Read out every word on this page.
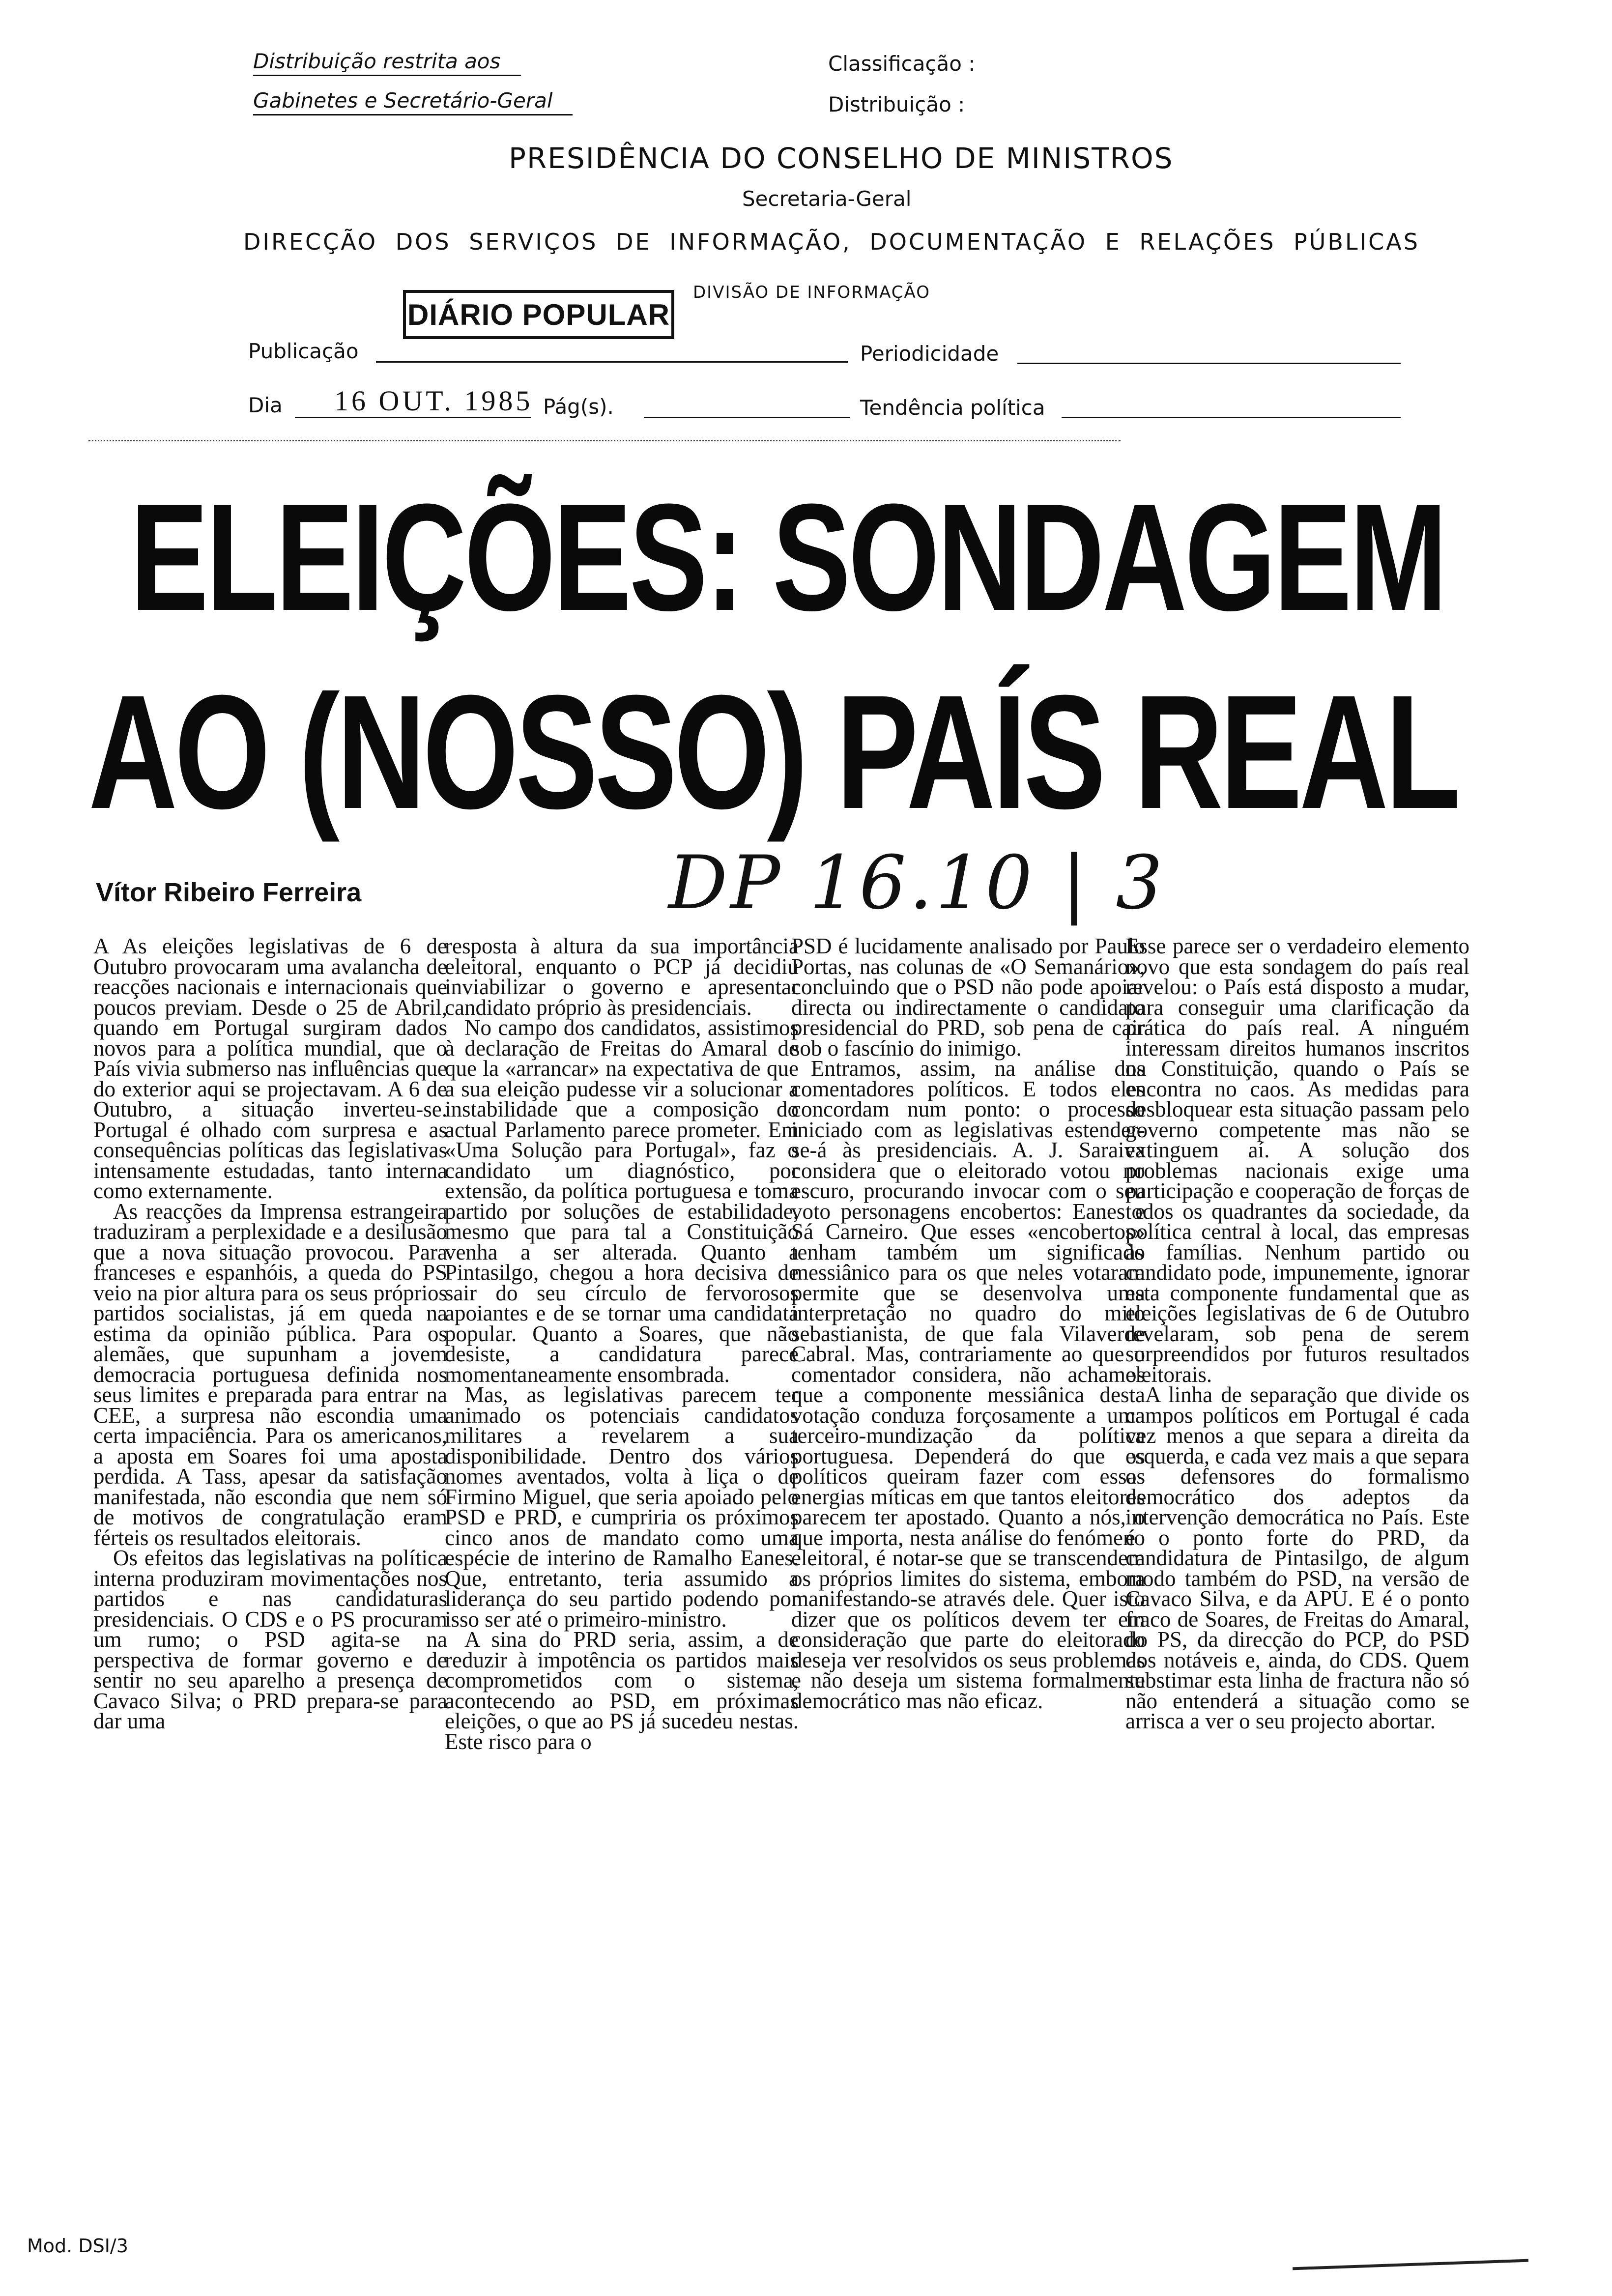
Distribuição restrita aos
Gabinetes e Secretário-Geral
Classificação :
Distribuição :
PRESIDÊNCIA DO CONSELHO DE MINISTROS
Secretaria-Geral
DIRECÇÃO DOS SERVIÇOS DE INFORMAÇÃO, DOCUMENTAÇÃO E RELAÇÕES PÚBLICAS
DIÁRIO POPULAR
DIVISÃO DE INFORMAÇÃO
Publicação	Periodicidade
Dia 16 OUT. 1985 Pág(s).	Tendência política
ELEIÇÕES: SONDAGEM
AO (NOSSO) PAÍS REAL
Vítor Ribeiro Ferreira	DP 16.10 | 3

A As eleições legislativas de 6 de Outubro provocaram uma avalancha de reacções nacionais e internacionais que poucos previam. Desde o 25 de Abril, quando em Portugal surgiram dados novos para a política mundial, que o País vivia submerso nas influências que do exterior aqui se projectavam. A 6 de Outubro, a situação inverteu-se. Portugal é olhado com surpresa e as consequências políticas das legislativas intensamente estudadas, tanto interna como externamente.

As reacções da Imprensa estrangeira traduziram a perplexidade e a desilusão que a nova situação provocou. Para franceses e espanhóis, a queda do PS veio na pior altura para os seus próprios partidos socialistas, já em queda na estima da opinião pública. Para os alemães, que supunham a jovem democracia portuguesa definida nos seus limites e preparada para entrar na CEE, a surpresa não escondia uma certa impaciência. Para os americanos, a aposta em Soares foi uma aposta perdida. A Tass, apesar da satisfação manifestada, não escondia que nem só de motivos de congratulação eram férteis os resultados eleitorais.

Os efeitos das legislativas na política interna produziram movimentações nos partidos e nas candidaturas presidenciais. O CDS e o PS procuram um rumo; o PSD agita-se na perspectiva de formar governo e de sentir no seu aparelho a presença de Cavaco Silva; o PRD prepara-se para dar uma

resposta à altura da sua importância eleitoral, enquanto o PCP já decidiu inviabilizar o governo e apresentar candidato próprio às presidenciais.

No campo dos candidatos, assistimos à declaração de Freitas do Amaral de que la «arrancar» na expectativa de que a sua eleição pudesse vir a solucionar a instabilidade que a composição do actual Parlamento parece prometer. Em «Uma Solução para Portugal», faz o candidato um diagnóstico, por extensão, da política portuguesa e toma partido por soluções de estabilidade, mesmo que para tal a Constituição venha a ser alterada. Quanto a Pintasilgo, chegou a hora decisiva de sair do seu círculo de fervorosos apoiantes e de se tornar uma candidata popular. Quanto a Soares, que não desiste, a candidatura parece momentaneamente ensombrada.

Mas, as legislativas parecem ter animado os potenciais candidatos militares a revelarem a sua disponibilidade. Dentro dos vários nomes aventados, volta à liça o de Firmino Miguel, que seria apoiado pelo PSD e PRD, e cumpriria os próximos cinco anos de mandato como uma espécie de interino de Ramalho Eanes. Que, entretanto, teria assumido a liderança do seu partido podendo por isso ser até o primeiro-ministro.

A sina do PRD seria, assim, a de reduzir à impotência os partidos mais comprometidos com o sistema, acontecendo ao PSD, em próximas eleições, o que ao PS já sucedeu nestas. Este risco para o

PSD é lucidamente analisado por Paulo Portas, nas colunas de «O Semanário», concluindo que o PSD não pode apoiar directa ou indirectamente o candidato presidencial do PRD, sob pena de cair sob o fascínio do inimigo.

Entramos, assim, na análise dos comentadores políticos. E todos eles concordam num ponto: o processo iniciado com as legislativas estender-se-á às presidenciais. A. J. Saraiva considera que o eleitorado votou no escuro, procurando invocar com o seu voto personagens encobertos: Eanes e Sá Carneiro. Que esses «encobertos» tenham também um significado messiânico para os que neles votaram permite que se desenvolva uma interpretação no quadro do mito sebastianista, de que fala Vilaverde Cabral. Mas, contrariamente ao que o comentador considera, não achamos que a componente messiânica desta votação conduza forçosamente a uma terceiro-mundização da política portuguesa. Dependerá do que os políticos queiram fazer com essas energias míticas em que tantos eleitores parecem ter apostado. Quanto a nós, o que importa, nesta análise do fenómeno eleitoral, é notar-se que se transcendem os próprios limites do sistema, embora manifestando-se através dele. Quer isto dizer que os políticos devem ter em consideração que parte do eleitorado deseja ver resolvidos os seus problemas e não deseja um sistema formalmente democrático mas não eficaz.

Esse parece ser o verdadeiro elemento novo que esta sondagem do país real revelou: o País está disposto a mudar, para conseguir uma clarificação da prática do país real. A ninguém interessam direitos humanos inscritos na Constituição, quando o País se encontra no caos. As medidas para desbloquear esta situação passam pelo governo competente mas não se extinguem aí. A solução dos problemas nacionais exige uma participação e cooperação de forças de todos os quadrantes da sociedade, da política central à local, das empresas às famílias. Nenhum partido ou candidato pode, impunemente, ignorar esta componente fundamental que as eleições legislativas de 6 de Outubro revelaram, sob pena de serem surpreendidos por futuros resultados eleitorais.

A linha de separação que divide os campos políticos em Portugal é cada vez menos a que separa a direita da esquerda, e cada vez mais a que separa os defensores do formalismo democrático dos adeptos da intervenção democrática no País. Este é o ponto forte do PRD, da candidatura de Pintasilgo, de algum modo também do PSD, na versão de Cavaco Silva, e da APU. E é o ponto fraco de Soares, de Freitas do Amaral, do PS, da direcção do PCP, do PSD dos notáveis e, ainda, do CDS. Quem substimar esta linha de fractura não só não entenderá a situação como se arrisca a ver o seu projecto abortar.

Mod. DSI/3
